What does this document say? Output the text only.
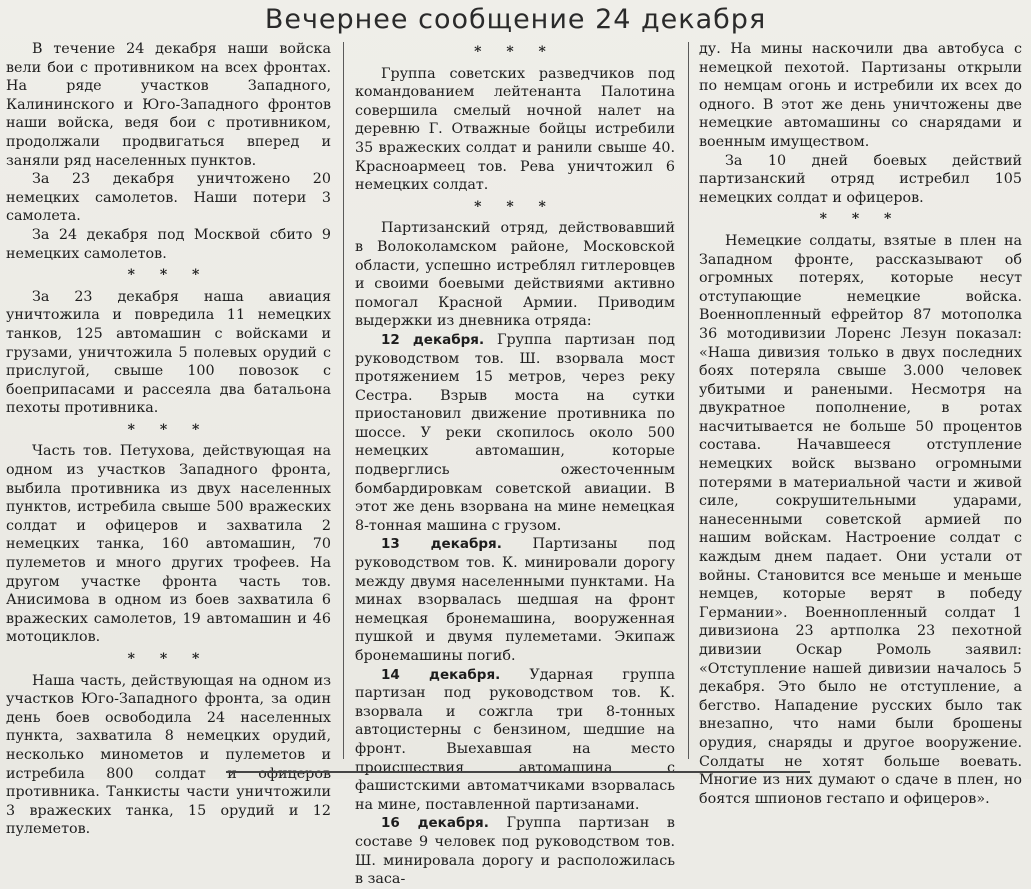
Вечернее сообщение 24 декабря

В течение 24 декабря наши войска вели бои с противником на всех фронтах. На ряде участков Западного, Калининского и Юго-Западного фронтов наши войска, ведя бои с противником, продолжали продвигаться вперед и заняли ряд населенных пунктов.

За 23 декабря уничтожено 20 немецких самолетов. Наши потери 3 самолета.

За 24 декабря под Москвой сбито 9 немецких самолетов.

* * *

За 23 декабря наша авиация уничтожила и повредила 11 немецких танков, 125 автомашин с войсками и грузами, уничтожила 5 полевых орудий с прислугой, свыше 100 повозок с боеприпасами и рассеяла два батальона пехоты противника.

* * *

Часть тов. Петухова, действующая на одном из участков Западного фронта, выбила противника из двух населенных пунктов, истребила свыше 500 вражеских солдат и офицеров и захватила 2 немецких танка, 160 автомашин, 70 пулеметов и много других трофеев. На другом участке фронта часть тов. Анисимова в одном из боев захватила 6 вражеских самолетов, 19 автомашин и 46 мотоциклов.

* * *

Наша часть, действующая на одном из участков Юго-Западного фронта, за один день боев освободила 24 населенных пункта, захватила 8 немецких орудий, несколько минометов и пулеметов и истребила 800 солдат и офицеров противника. Танкисты части уничтожили 3 вражеских танка, 15 орудий и 12 пулеметов.

* * *

Группа советских разведчиков под командованием лейтенанта Палотина совершила смелый ночной налет на деревню Г. Отважные бойцы истребили 35 вражеских солдат и ранили свыше 40. Красноармеец тов. Рева уничтожил 6 немецких солдат.

* * *

Партизанский отряд, действовавший в Волоколамском районе, Московской области, успешно истреблял гитлеровцев и своими боевыми действиями активно помогал Красной Армии. Приводим выдержки из дневника отряда:

12 декабря. Группа партизан под руководством тов. Ш. взорвала мост протяжением 15 метров, через реку Сестра. Взрыв моста на сутки приостановил движение противника по шоссе. У реки скопилось около 500 немецких автомашин, которые подверглись ожесточенным бомбардировкам советской авиации. В этот же день взорвана на мине немецкая 8-тонная машина с грузом.

13 декабря. Партизаны под руководством тов. К. минировали дорогу между двумя населенными пунктами. На минах взорвалась шедшая на фронт немецкая бронемашина, вооруженная пушкой и двумя пулеметами. Экипаж бронемашины погиб.

14 декабря. Ударная группа партизан под руководством тов. К. взорвала и сожгла три 8-тонных автоцистерны с бензином, шедшие на фронт. Выехавшая на место происшествия автомашина с фашистскими автоматчиками взорвалась на мине, поставленной партизанами.

16 декабря. Группа партизан в составе 9 человек под руководством тов. Ш. минировала дорогу и расположилась в заса-

ду. На мины наскочили два автобуса с немецкой пехотой. Партизаны открыли по немцам огонь и истребили их всех до одного. В этот же день уничтожены две немецкие автомашины со снарядами и военным имуществом.

За 10 дней боевых действий партизанский отряд истребил 105 немецких солдат и офицеров.

* * *

Немецкие солдаты, взятые в плен на Западном фронте, рассказывают об огромных потерях, которые несут отступающие немецкие войска. Военнопленный ефрейтор 87 мотополка 36 мотодивизии Лоренс Лезун показал: «Наша дивизия только в двух последних боях потеряла свыше 3.000 человек убитыми и ранеными. Несмотря на двукратное пополнение, в ротах насчитывается не больше 50 процентов состава. Начавшееся отступление немецких войск вызвано огромными потерями в материальной части и живой силе, сокрушительными ударами, нанесенными советской армией по нашим войскам. Настроение солдат с каждым днем падает. Они устали от войны. Становится все меньше и меньше немцев, которые верят в победу Германии». Военнопленный солдат 1 дивизиона 23 артполка 23 пехотной дивизии Оскар Ромоль заявил: «Отступление нашей дивизии началось 5 декабря. Это было не отступление, а бегство. Нападение русских было так внезапно, что нами были брошены орудия, снаряды и другое вооружение. Солдаты не хотят больше воевать. Многие из них думают о сдаче в плен, но боятся шпионов гестапо и офицеров».
